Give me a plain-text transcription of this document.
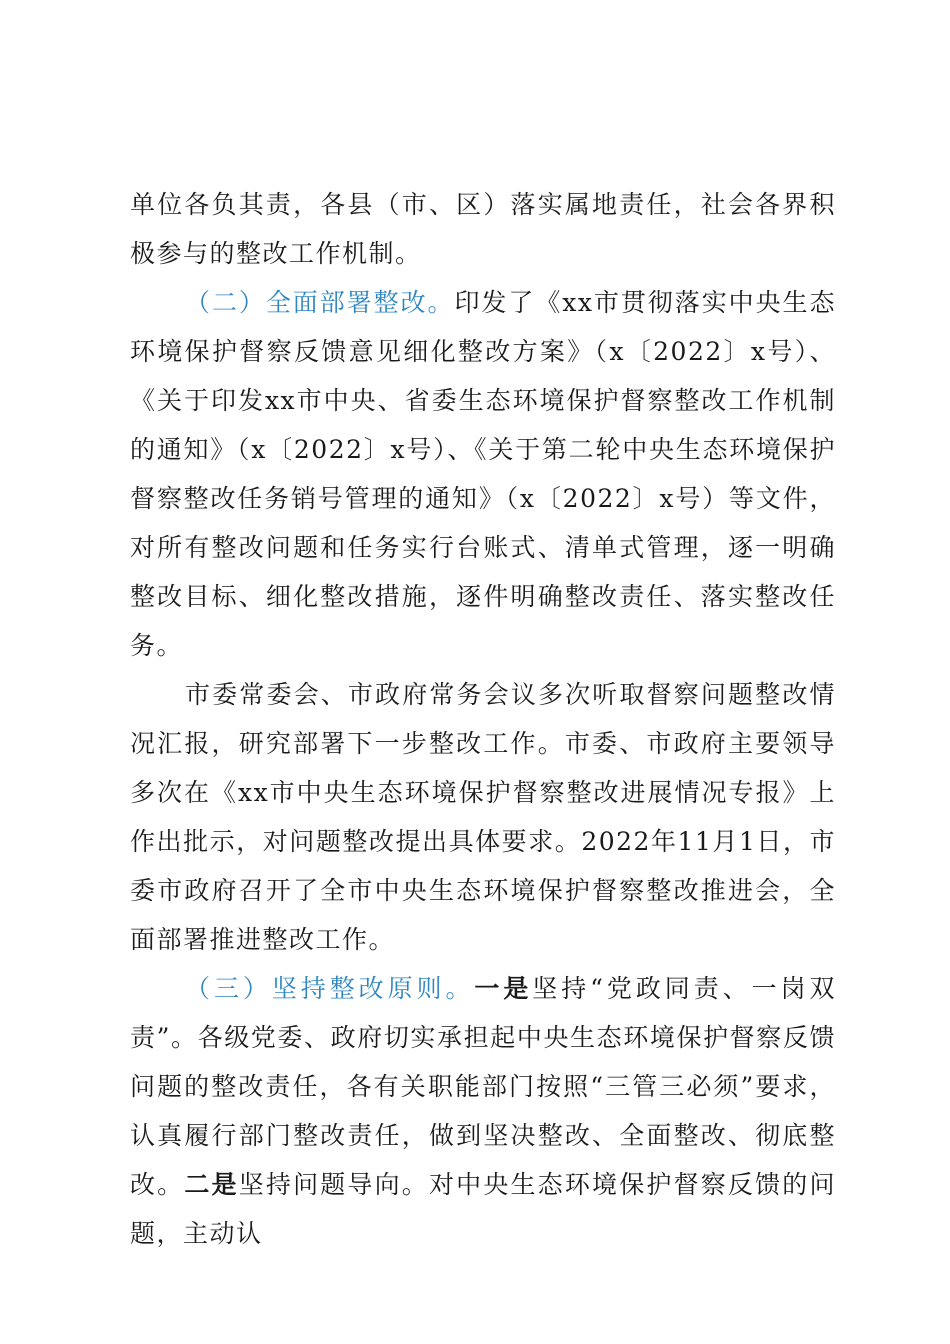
单位各负其责，各县（市、区）落实属地责任，社会各界积极参与的整改工作机制。

（二）全面部署整改。印发了《xx市贯彻落实中央生态环境保护督察反馈意见细化整改方案》（x〔2022〕x号）、《关于印发xx市中央、省委生态环境保护督察整改工作机制的通知》（x〔2022〕x号）、《关于第二轮中央生态环境保护督察整改任务销号管理的通知》（x〔2022〕x号）等文件，对所有整改问题和任务实行台账式、清单式管理，逐一明确整改目标、细化整改措施，逐件明确整改责任、落实整改任务。

市委常委会、市政府常务会议多次听取督察问题整改情况汇报，研究部署下一步整改工作。市委、市政府主要领导多次在《xx市中央生态环境保护督察整改进展情况专报》上作出批示，对问题整改提出具体要求。2022年11月1日，市委市政府召开了全市中央生态环境保护督察整改推进会，全面部署推进整改工作。

（三）坚持整改原则。一是坚持“党政同责、一岗双责”。各级党委、政府切实承担起中央生态环境保护督察反馈问题的整改责任，各有关职能部门按照“三管三必须”要求，认真履行部门整改责任，做到坚决整改、全面整改、彻底整改。二是坚持问题导向。对中央生态环境保护督察反馈的问题，主动认
